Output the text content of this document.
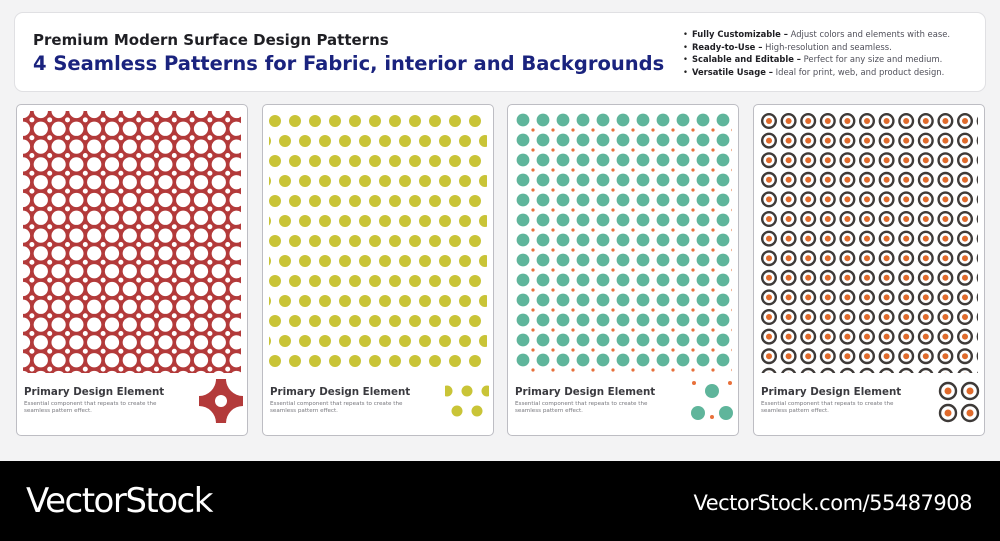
Premium Modern Surface Design Patterns
4 Seamless Patterns for Fabric, interior and Backgrounds
• Fully Customizable – Adjust colors and elements with ease.
• Ready-to-Use – High-resolution and seamless.
• Scalable and Editable – Perfect for any size and medium.
• Versatile Usage – Ideal for print, web, and product design.
Primary Design Element
Essential component that repeats to create the seamless pattern effect.
Primary Design Element
Essential component that repeats to create the seamless pattern effect.
Primary Design Element
Essential component that repeats to create the seamless pattern effect.
Primary Design Element
Essential component that repeats to create the seamless pattern effect.
VectorStock	VectorStock.com/55487908
